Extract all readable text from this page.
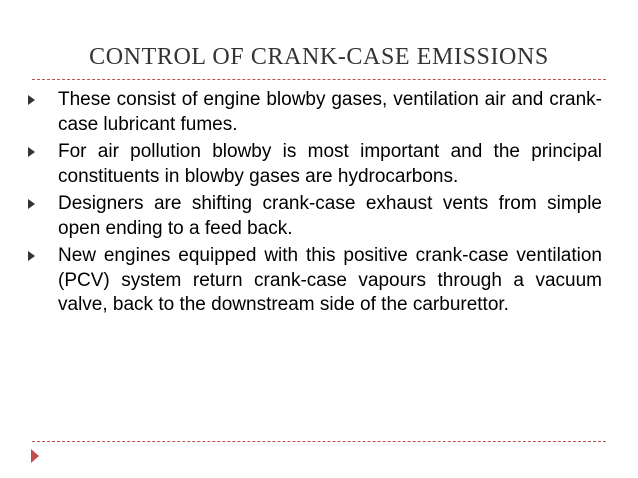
CONTROL OF CRANK-CASE EMISSIONS
These consist of engine blowby gases, ventilation air and crank-case lubricant fumes.
For air pollution blowby is most important and the principal constituents in blowby gases are hydrocarbons.
Designers are shifting crank-case exhaust vents from simple open ending to a feed back.
New engines equipped with this positive crank-case ventilation (PCV) system return crank-case vapours through a vacuum valve, back to the downstream side of the carburettor.
